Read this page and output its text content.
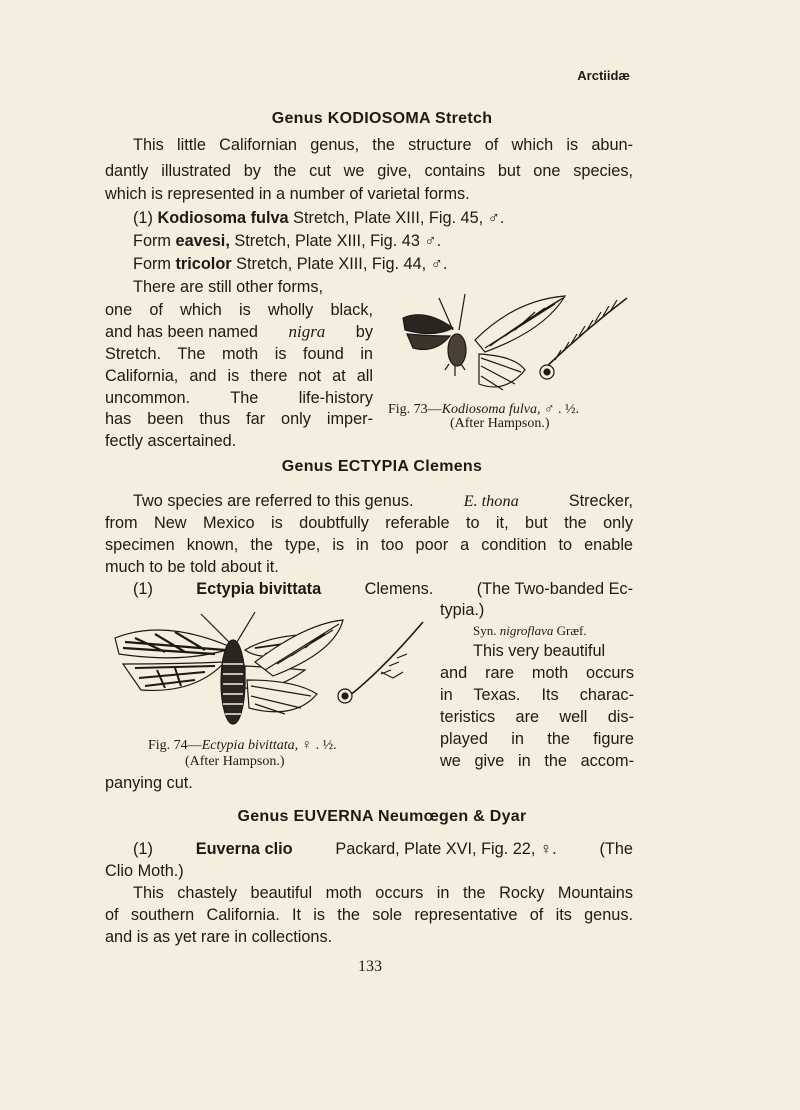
Arctiidæ
Genus KODIOSOMA Stretch
This little Californian genus, the structure of which is abun-
dantly illustrated by the cut we give, contains but one species,
which is represented in a number of varietal forms.
(1) Kodiosoma fulva Stretch, Plate XIII, Fig. 45, ♂.
Form eavesi, Stretch, Plate XIII, Fig. 43 ♂.
Form tricolor Stretch, Plate XIII, Fig. 44, ♂.
There are still other forms,
one of which is wholly black,
and has been named nigra by
Stretch. The moth is found in
California, and is there not at all
uncommon. The life-history
has been thus far only imper-
fectly ascertained.
Fig. 73—Kodiosoma fulva, ♂ . ½.
(After Hampson.)
Genus ECTYPIA Clemens
Two species are referred to this genus.	E. thona	Strecker,
from New Mexico is doubtfully referable to it, but the only
specimen known, the type, is in too poor a condition to enable
much to be told about it.
(1)	Ectypia bivittata	Clemens.	(The Two-banded Ec-
typia.)
Syn. nigroflava Græf.
This very beautiful
and rare moth occurs
in Texas. Its charac-
teristics are well dis-
played in the figure
we give in the accom-
panying cut.
Fig. 74—Ectypia bivittata, ♀ . ½.
(After Hampson.)
Genus EUVERNA Neumœgen & Dyar
(1)	Euverna clio	Packard, Plate XVI, Fig. 22, ♀.	(The
Clio Moth.)
This chastely beautiful moth occurs in the Rocky Mountains
of southern California. It is the sole representative of its genus.
and is as yet rare in collections.
133
